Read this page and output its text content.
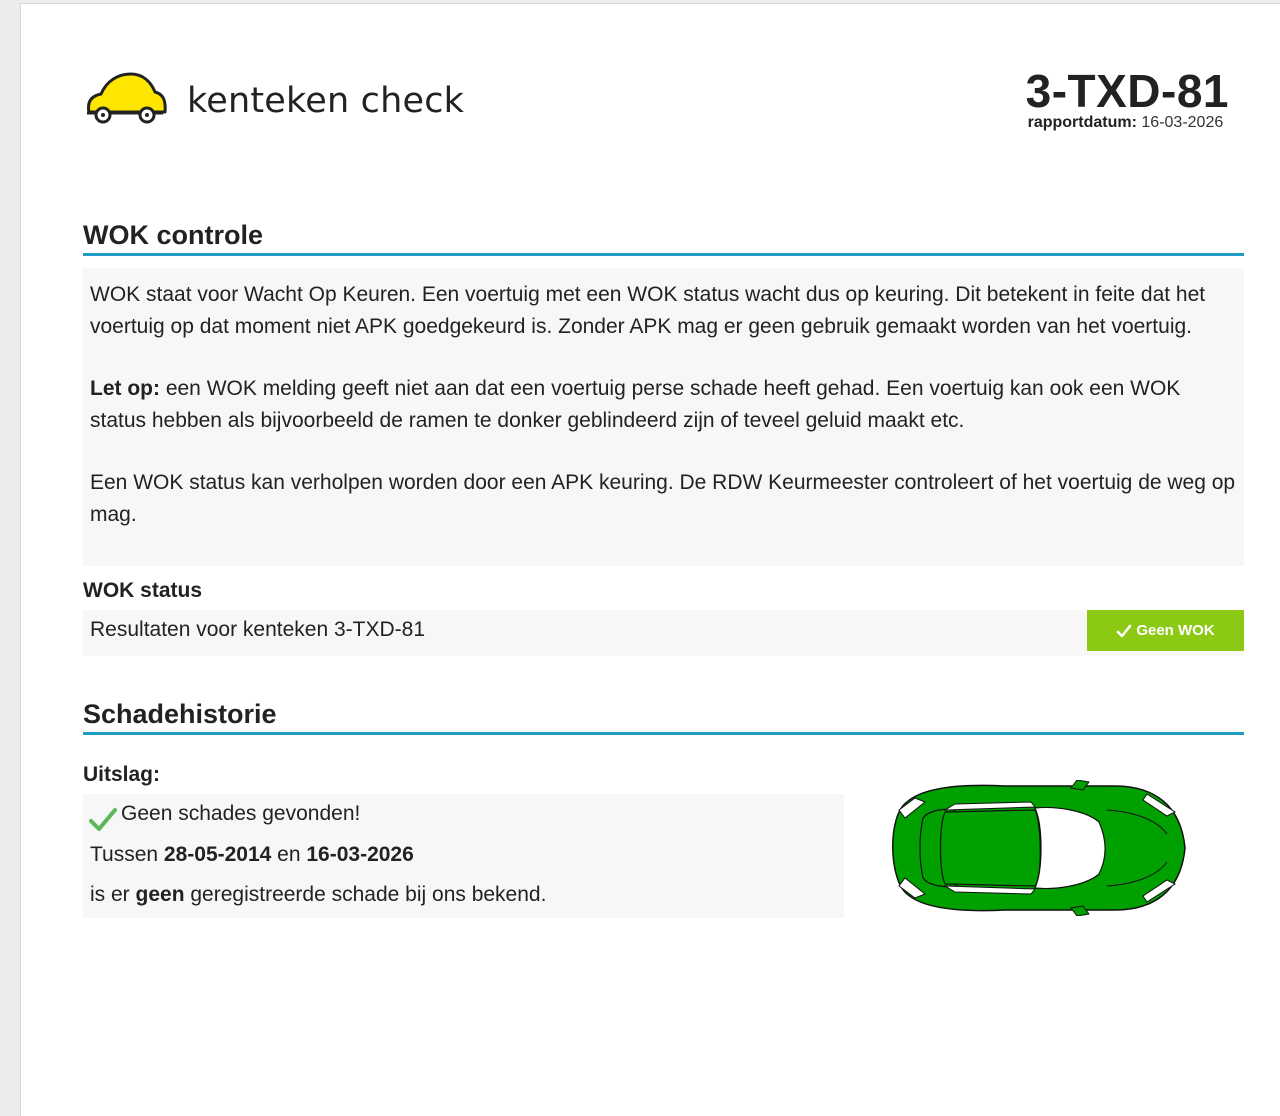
kenteken check	3-TXD-81
rapportdatum: 16-03-2026
WOK controle

WOK staat voor Wacht Op Keuren. Een voertuig met een WOK status wacht dus op keuring. Dit betekent in feite dat het voertuig op dat moment niet APK goedgekeurd is. Zonder APK mag er geen gebruik gemaakt worden van het voertuig.

Let op: een WOK melding geeft niet aan dat een voertuig perse schade heeft gehad. Een voertuig kan ook een WOK status hebben als bijvoorbeeld de ramen te donker geblindeerd zijn of teveel geluid maakt etc.

Een WOK status kan verholpen worden door een APK keuring. De RDW Keurmeester controleert of het voertuig de weg op mag.

WOK status
Resultaten voor kenteken 3-TXD-81	Geen WOK
Schadehistorie
Uitslag:
Geen schades gevonden!
Tussen 28-05-2014 en 16-03-2026
is er geen geregistreerde schade bij ons bekend.
